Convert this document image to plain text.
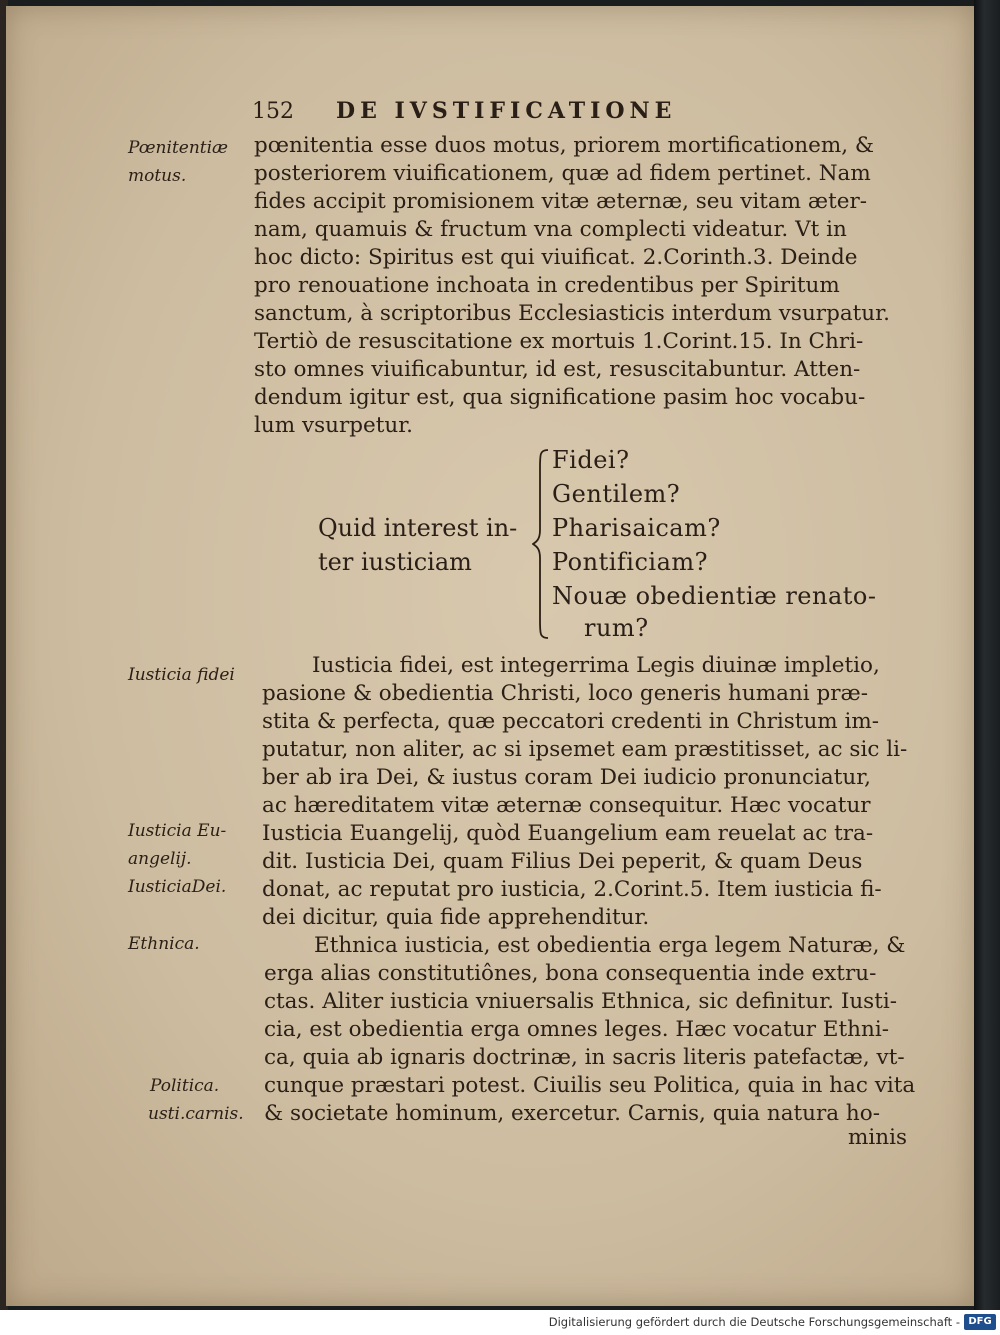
152 DE IVSTIFICATIONE
Pœnitentiæ
motus.
Iusticia fidei
Iusticia Eu-
angelij.
IusticiaDei.
Ethnica.
Politica.
usti.carnis.
pœnitentia esse duos motus, priorem mortificationem, &
posteriorem viuificationem, quæ ad fidem pertinet. Nam
fides accipit promisionem vitæ æternæ, seu vitam æter-
nam, quamuis & fructum vna complecti videatur. Vt in
hoc dicto: Spiritus est qui viuificat. 2.Corinth.3. Deinde
pro renouatione inchoata in credentibus per Spiritum
sanctum, à scriptoribus Ecclesiasticis interdum vsurpatur.
Tertiò de resuscitatione ex mortuis 1.Corint.15. In Chri-
sto omnes viuificabuntur, id est, resuscitabuntur. Atten-
dendum igitur est, qua significatione pasim hoc vocabu-
lum vsurpetur.
Quid interest in-
ter iusticiam
Fidei?
Gentilem?
Pharisaicam?
Pontificiam?
Nouæ obedientiæ renato-
rum?
Iusticia fidei, est integerrima Legis diuinæ impletio,
pasione & obedientia Christi, loco generis humani præ-
stita & perfecta, quæ peccatori credenti in Christum im-
putatur, non aliter, ac si ipsemet eam præstitisset, ac sic li-
ber ab ira Dei, & iustus coram Dei iudicio pronunciatur,
ac hæreditatem vitæ æternæ consequitur. Hæc vocatur
Iusticia Euangelij, quòd Euangelium eam reuelat ac tra-
dit. Iusticia Dei, quam Filius Dei peperit, & quam Deus
donat, ac reputat pro iusticia, 2.Corint.5. Item iusticia fi-
dei dicitur, quia fide apprehenditur.
Ethnica iusticia, est obedientia erga legem Naturæ, &
erga alias constitutiônes, bona consequentia inde extru-
ctas. Aliter iusticia vniuersalis Ethnica, sic definitur. Iusti-
cia, est obedientia erga omnes leges. Hæc vocatur Ethni-
ca, quia ab ignaris doctrinæ, in sacris literis patefactæ, vt-
cunque præstari potest. Ciuilis seu Politica, quia in hac vita
& societate hominum, exercetur. Carnis, quia natura ho-
minis
Digitalisierung gefördert durch die Deutsche Forschungsgemeinschaft - DFG
